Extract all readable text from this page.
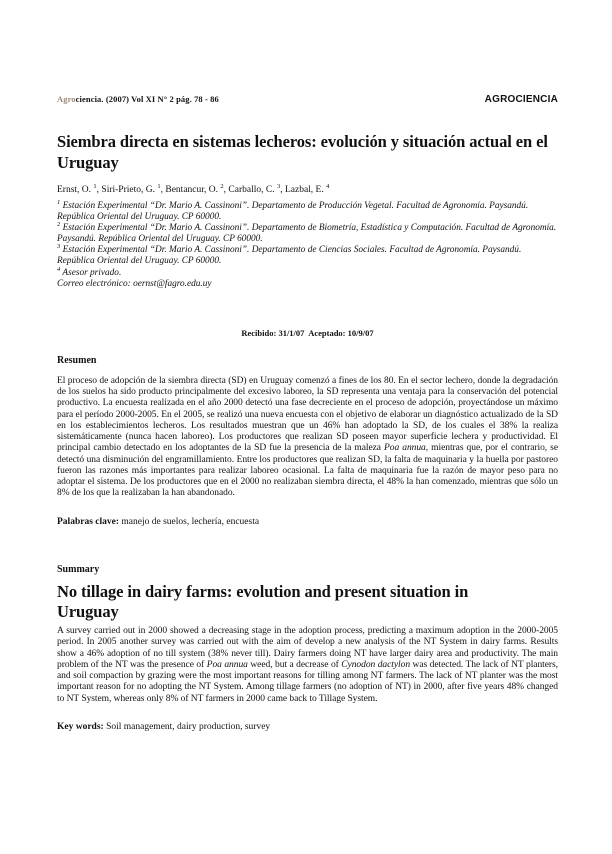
Agrociencia. (2007) Vol XI N° 2 pág. 78 - 86	AGROCIENCIA
Siembra directa en sistemas lecheros: evolución y situación actual en el Uruguay

Ernst, O. $^1$, Siri-Prieto, G. $^1$, Bentancur, O. $^2$, Carballo, C. $^3$, Lazbal, E. $^4$

$^1$ Estación Experimental “Dr. Mario A. Cassinoni”. Departamento de Producción Vegetal. Facultad de Agronomía. Paysandú. República Oriental del Uruguay. CP 60000.

$^2$ Estación Experimental “Dr. Mario A. Cassinoni”. Departamento de Biometría, Estadística y Computación. Facultad de Agronomía. Paysandú. República Oriental del Uruguay. CP 60000.

$^3$ Estación Experimental “Dr. Mario A. Cassinoni”. Departamento de Ciencias Sociales. Facultad de Agronomía. Paysandú. República Oriental del Uruguay. CP 60000.

$^4$ Asesor privado.

Correo electrónico: oernst@fagro.edu.uy

Recibido: 31/1/07  Aceptado: 10/9/07

Resumen

El proceso de adopción de la siembra directa (SD) en Uruguay comenzó a fines de los 80. En el sector lechero, donde la degradación de los suelos ha sido producto principalmente del excesivo laboreo, la SD representa una ventaja para la conservación del potencial productivo. La encuesta realizada en el año 2000 detectó una fase decreciente en el proceso de adopción, proyectándose un máximo para el período 2000-2005. En el 2005, se realizó una nueva encuesta con el objetivo de elaborar un diagnóstico actualizado de la SD en los establecimientos lecheros. Los resultados muestran que un 46% han adoptado la SD, de los cuales el 38% la realiza sistemáticamente (nunca hacen laboreo). Los productores que realizan SD poseen mayor superficie lechera y productividad. El principal cambio detectado en los adoptantes de la SD fue la presencia de la maleza Poa annua, mientras que, por el contrario, se detectó una disminución del engramillamiento. Entre los productores que realizan SD, la falta de maquinaria y la huella por pastoreo fueron las razones más importantes para realizar laboreo ocasional. La falta de maquinaria fue la razón de mayor peso para no adoptar el sistema. De los productores que en el 2000 no realizaban siembra directa, el 48% la han comenzado, mientras que sólo un 8% de los que la realizaban la han abandonado.

Palabras clave: manejo de suelos, lechería, encuesta

Summary
No tillage in dairy farms: evolution and present situation in Uruguay

A survey carried out in 2000 showed a decreasing stage in the adoption process, predicting a maximum adoption in the 2000-2005 period. In 2005 another survey was carried out with the aim of develop a new analysis of the NT System in dairy farms. Results show a 46% adoption of no till system (38% never till). Dairy farmers doing NT have larger dairy area and productivity. The main problem of the NT was the presence of Poa annua weed, but a decrease of Cynodon dactylon was detected. The lack of NT planters, and soil compaction by grazing were the most important reasons for tilling among NT farmers. The lack of NT planter was the most important reason for no adopting the NT System. Among tillage farmers (no adoption of NT) in 2000, after five years 48% changed to NT System, whereas only 8% of NT farmers in 2000 came back to Tillage System.

Key words: Soil management, dairy production, survey
